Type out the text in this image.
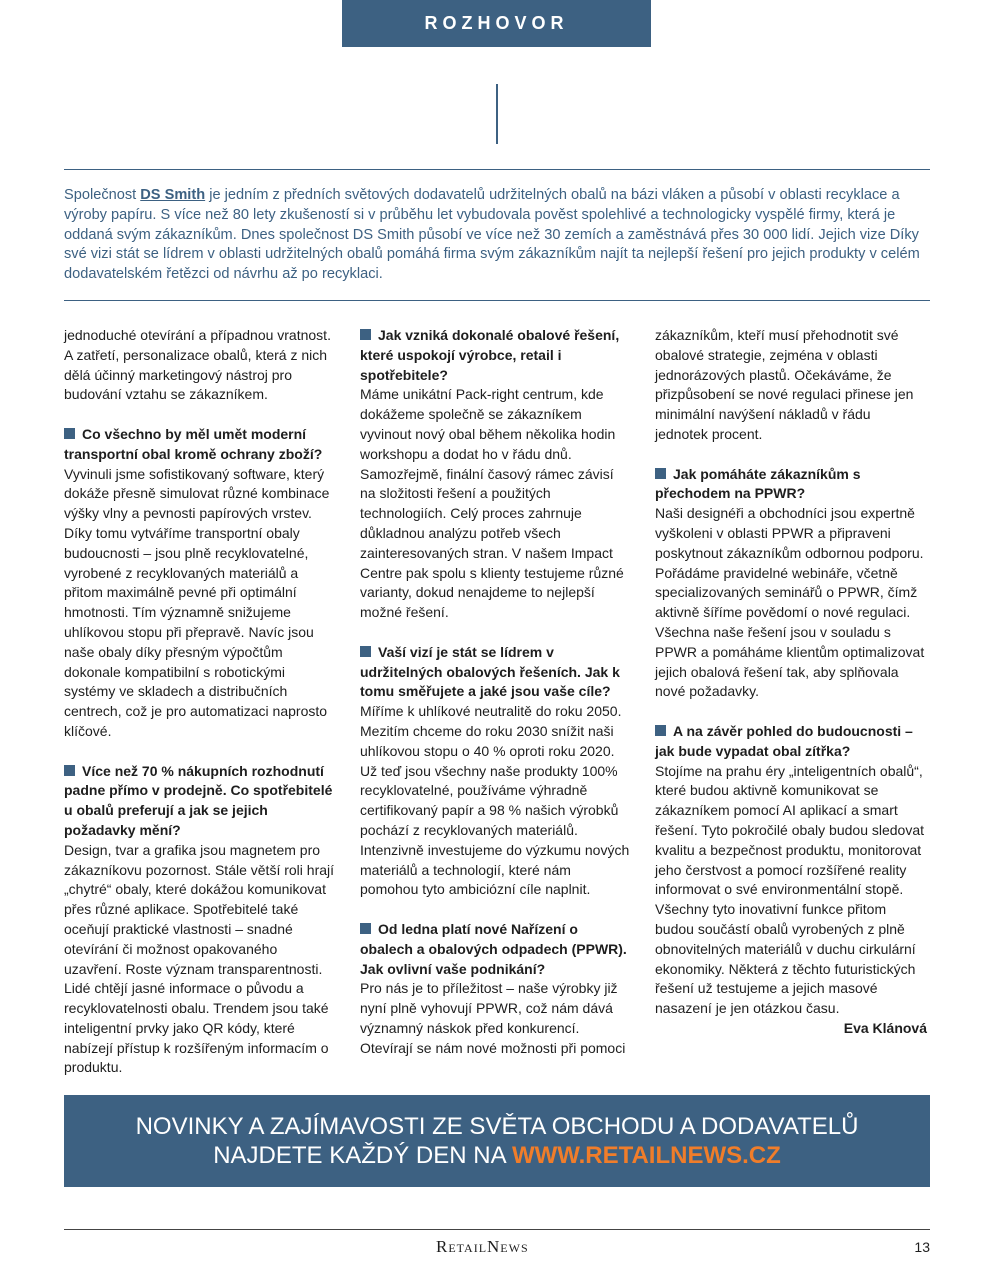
ROZHOVOR

Společnost DS Smith je jedním z předních světových dodavatelů udržitelných obalů na bázi vláken a působí v oblasti recyklace a výroby papíru. S více než 80 lety zkušeností si v průběhu let vybudovala pověst spolehlivé a technologicky vyspělé firmy, která je oddaná svým zákazníkům. Dnes společnost DS Smith působí ve více než 30 zemích a zaměstnává přes 30 000 lidí. Jejich vize Díky své vizi stát se lídrem v oblasti udržitelných obalů pomáhá firma svým zákazníkům najít ta nejlepší řešení pro jejich produkty v celém dodavatelském řetězci od návrhu až po recyklaci.

jednoduché otevírání a případnou vratnost. A zatřetí, personalizace obalů, která z nich dělá účinný marketingový nástroj pro budování vztahu se zákazníkem.

Co všechno by měl umět moderní transportní obal kromě ochrany zboží?

Vyvinuli jsme sofistikovaný software, který dokáže přesně simulovat různé kombinace výšky vlny a pevnosti papírových vrstev. Díky tomu vytváříme transportní obaly budoucnosti – jsou plně recyklovatelné, vyrobené z recyklovaných materiálů a přitom maximálně pevné při optimální hmotnosti. Tím významně snižujeme uhlíkovou stopu při přepravě. Navíc jsou naše obaly díky přesným výpočtům dokonale kompatibilní s robotickými systémy ve skladech a distribučních centrech, což je pro automatizaci naprosto klíčové.

Více než 70 % nákupních rozhodnutí padne přímo v prodejně. Co spotřebitelé u obalů preferují a jak se jejich požadavky mění?

Design, tvar a grafika jsou magnetem pro zákazníkovu pozornost. Stále větší roli hrají „chytré“ obaly, které dokážou komunikovat přes různé aplikace. Spotřebitelé také oceňují praktické vlastnosti – snadné otevírání či možnost opakovaného uzavření. Roste význam transparentnosti. Lidé chtějí jasné informace o původu a recyklovatelnosti obalu. Trendem jsou také inteligentní prvky jako QR kódy, které nabízejí přístup k rozšířeným informacím o produktu.

Jak vzniká dokonalé obalové řešení, které uspokojí výrobce, retail i spotřebitele?

Máme unikátní Pack-right centrum, kde dokážeme společně se zákazníkem vyvinout nový obal během několika hodin workshopu a dodat ho v řádu dnů. Samozřejmě, finální časový rámec závisí na složitosti řešení a použitých technologiích. Celý proces zahrnuje důkladnou analýzu potřeb všech zainteresovaných stran. V našem Impact Centre pak spolu s klienty testujeme různé varianty, dokud nenajdeme to nejlepší možné řešení.

Vaší vizí je stát se lídrem v udržitelných obalových řešeních. Jak k tomu směřujete a jaké jsou vaše cíle?

Míříme k uhlíkové neutralitě do roku 2050. Mezitím chceme do roku 2030 snížit naši uhlíkovou stopu o 40 % oproti roku 2020. Už teď jsou všechny naše produkty 100% recyklovatelné, používáme výhradně certifikovaný papír a 98 % našich výrobků pochází z recyklovaných materiálů. Intenzivně investujeme do výzkumu nových materiálů a technologií, které nám pomohou tyto ambiciózní cíle naplnit.

Od ledna platí nové Nařízení o obalech a obalových odpadech (PPWR). Jak ovlivní vaše podnikání?

Pro nás je to příležitost – naše výrobky již nyní plně vyhovují PPWR, což nám dává významný náskok před konkurencí. Otevírají se nám nové možnosti při pomoci

zákazníkům, kteří musí přehodnotit své obalové strategie, zejména v oblasti jednorázových plastů. Očekáváme, že přizpůsobení se nové regulaci přinese jen minimální navýšení nákladů v řádu jednotek procent.

Jak pomáháte zákazníkům s přechodem na PPWR?

Naši designéři a obchodníci jsou expertně vyškoleni v oblasti PPWR a připraveni poskytnout zákazníkům odbornou podporu. Pořádáme pravidelné webináře, včetně specializovaných seminářů o PPWR, čímž aktivně šíříme povědomí o nové regulaci. Všechna naše řešení jsou v souladu s PPWR a pomáháme klientům optimalizovat jejich obalová řešení tak, aby splňovala nové požadavky.

A na závěr pohled do budoucnosti – jak bude vypadat obal zítřka?

Stojíme na prahu éry „inteligentních obalů“, které budou aktivně komunikovat se zákazníkem pomocí AI aplikací a smart řešení. Tyto pokročilé obaly budou sledovat kvalitu a bezpečnost produktu, monitorovat jeho čerstvost a pomocí rozšířené reality informovat o své environmentální stopě. Všechny tyto inovativní funkce přitom budou součástí obalů vyrobených z plně obnovitelných materiálů v duchu cirkulární ekonomiky. Některá z těchto futuristických řešení už testujeme a jejich masové nasazení je jen otázkou času.

Eva Klánová

NOVINKY A ZAJÍMAVOSTI ZE SVĚTA OBCHODU A DODAVATELŮ
NAJDETE KAŽDÝ DEN NA WWW.RETAILNEWS.CZ
RetailNews	13
